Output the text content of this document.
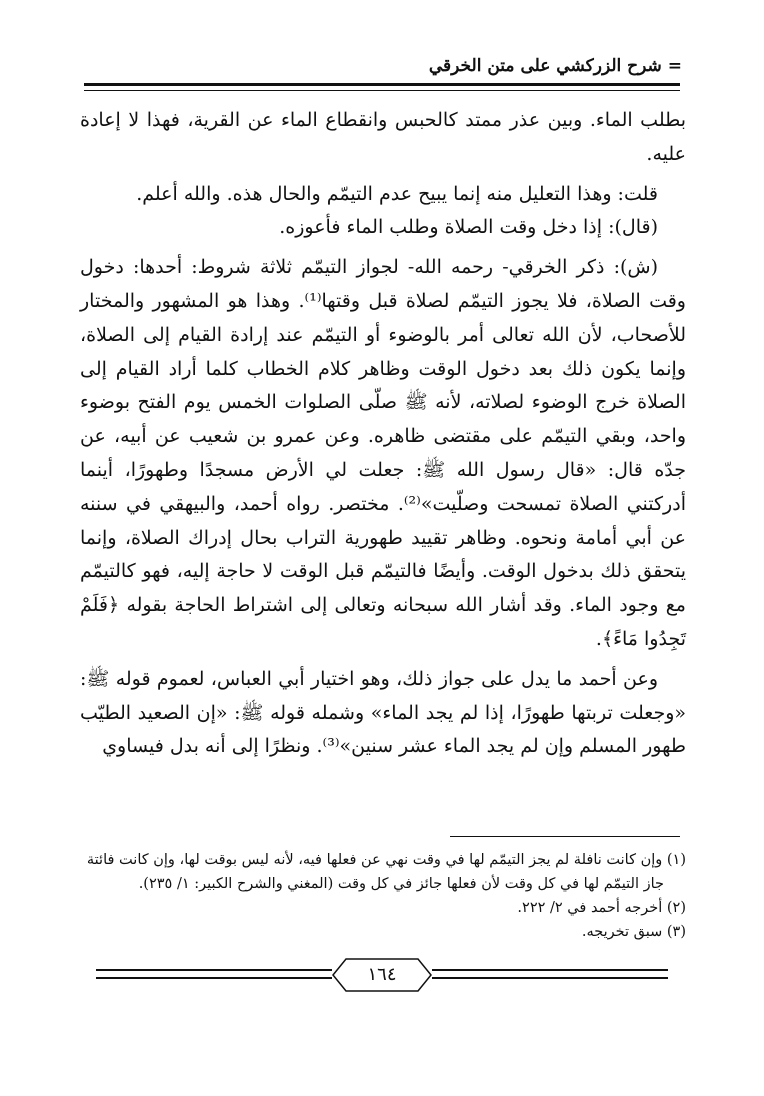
=شرح الزركشي على متن الخرقي

بطلب الماء. وبين عذر ممتد كالحبس وانقطاع الماء عن القرية، فهذا لا إعادة عليه.

قلت: وهذا التعليل منه إنما يبيح عدم التيمّم والحال هذه. والله أعلم.

(قال): إذا دخل وقت الصلاة وطلب الماء فأعوزه.

(ش): ذكر الخرقي- رحمه الله- لجواز التيمّم ثلاثة شروط: أحدها: دخول وقت الصلاة، فلا يجوز التيمّم لصلاة قبل وقتها⁽¹⁾. وهذا هو المشهور والمختار للأصحاب، لأن الله تعالى أمر بالوضوء أو التيمّم عند إرادة القيام إلى الصلاة، وإنما يكون ذلك بعد دخول الوقت وظاهر كلام الخطاب كلما أراد القيام إلى الصلاة خرج الوضوء لصلاته، لأنه ﷺ صلّى الصلوات الخمس يوم الفتح بوضوء واحد، وبقي التيمّم على مقتضى ظاهره. وعن عمرو بن شعيب عن أبيه، عن جدّه قال: «قال رسول الله ﷺ: جعلت لي الأرض مسجدًا وطهورًا، أينما أدركتني الصلاة تمسحت وصلّيت»⁽²⁾. مختصر. رواه أحمد، والبيهقي في سننه عن أبي أمامة ونحوه. وظاهر تقييد طهورية التراب بحال إدراك الصلاة، وإنما يتحقق ذلك بدخول الوقت. وأيضًا فالتيمّم قبل الوقت لا حاجة إليه، فهو كالتيمّم مع وجود الماء. وقد أشار الله سبحانه وتعالى إلى اشتراط الحاجة بقوله ﴿فَلَمْ تَجِدُوا مَاءً﴾.

وعن أحمد ما يدل على جواز ذلك، وهو اختيار أبي العباس، لعموم قوله ﷺ: «وجعلت تربتها طهورًا، إذا لم يجد الماء» وشمله قوله ﷺ: «إن الصعيد الطيّب طهور المسلم وإن لم يجد الماء عشر سنين»⁽³⁾. ونظرًا إلى أنه بدل فيساوي

(١) وإن كانت نافلة لم يجز التيمّم لها في وقت نهي عن فعلها فيه، لأنه ليس بوقت لها، وإن كانت فائتة

جاز التيمّم لها في كل وقت لأن فعلها جائز في كل وقت (المغني والشرح الكبير: ١/ ٢٣٥).

(٢) أخرجه أحمد في ٢/ ٢٢٢.

(٣) سبق تخريجه.

١٦٤
